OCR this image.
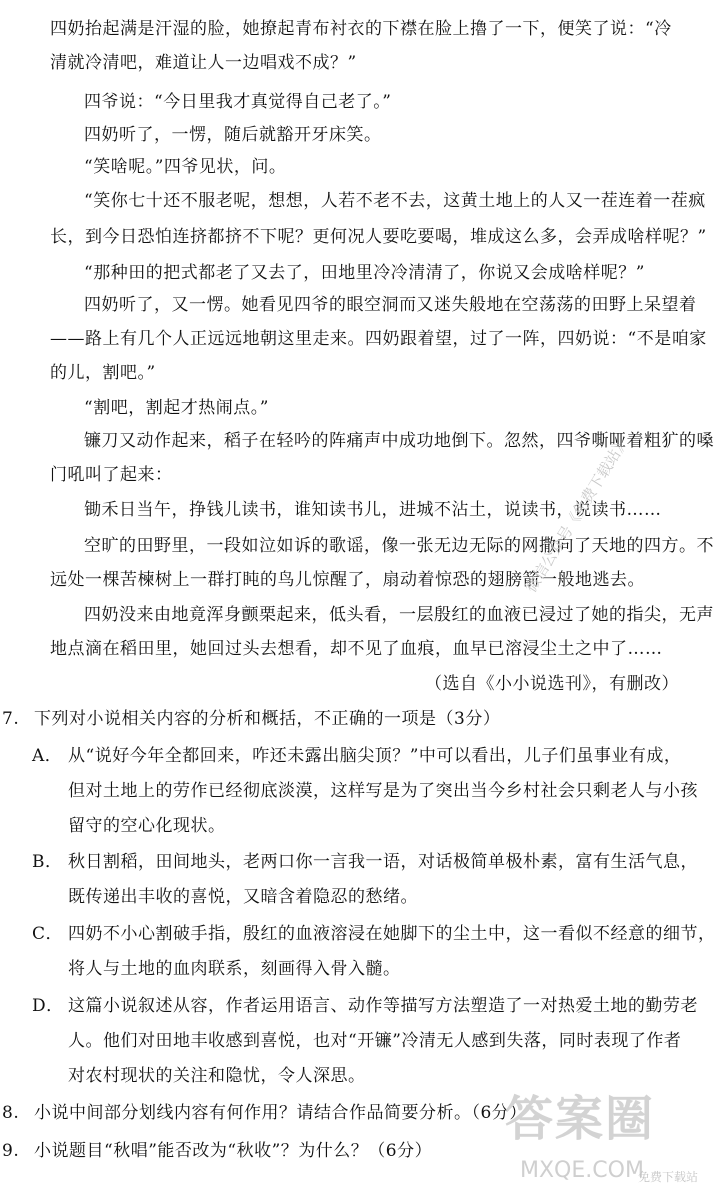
四奶抬起满是汗湿的脸，她撩起青布衬衣的下襟在脸上擼了一下，便笑了说：“冷
清就冷清吧，难道让人一边唱戏不成？”
四爷说：“今日里我才真觉得自己老了。”
四奶听了，一愣，随后就豁开牙床笑。
“笑啥呢。”四爷见状，问。
“笑你七十还不服老呢，想想，人若不老不去，这黄土地上的人又一茬连着一茬疯
长，到今日恐怕连挤都挤不下呢？更何况人要吃要喝，堆成这么多，会弄成啥样呢？”
“那种田的把式都老了又去了，田地里冷冷清清了，你说又会成啥样呢？”
四奶听了，又一愣。她看见四爷的眼空洞而又迷失般地在空荡荡的田野上呆望着
——路上有几个人正远远地朝这里走来。四奶跟着望，过了一阵，四奶说：“不是咱家
的儿，割吧。”
“割吧，割起才热闹点。”
镰刀又动作起来，稻子在轻吟的阵痛声中成功地倒下。忽然，四爷嘶哑着粗犷的嗓
门吼叫了起来：
锄禾日当午，挣钱儿读书，谁知读书儿，进城不沾土，说读书，说读书……
空旷的田野里，一段如泣如诉的歌谣，像一张无边无际的网撒向了天地的四方。不
远处一棵苦楝树上一群打盹的鸟儿惊醒了，扇动着惊恐的翅膀箭一般地逃去。
四奶没来由地竟浑身颤栗起来，低头看，一层殷红的血液已浸过了她的指尖，无声
地点滴在稻田里，她回过头去想看，却不见了血痕，血早已溶浸尘土之中了……
（选自《小小说选刊》，有删改）
7. 下列对小说相关内容的分析和概括，不正确的一项是（3分）
A． 从“说好今年全都回来，咋还未露出脑尖顶？”中可以看出，儿子们虽事业有成，
但对土地上的劳作已经彻底淡漠，这样写是为了突出当今乡村社会只剩老人与小孩
留守的空心化现状。
B． 秋日割稻，田间地头，老两口你一言我一语，对话极简单极朴素，富有生活气息，
既传递出丰收的喜悦，又暗含着隐忍的愁绪。
C． 四奶不小心割破手指，殷红的血液溶浸在她脚下的尘土中，这一看似不经意的细节，
将人与土地的血肉联系，刻画得入骨入髓。
D． 这篇小说叙述从容，作者运用语言、动作等描写方法塑造了一对热爱土地的勤劳老
人。他们对田地丰收感到喜悦，也对“开镰”冷清无人感到失落，同时表现了作者
对农村现状的关注和隐忧，令人深思。
8. 小说中间部分划线内容有何作用？请结合作品简要分析。（6分）
9. 小说题目“秋唱”能否改为“秋收”？为什么？（6分）
微信公众号《免费下载站》
答案圈
MXQE.COM
免费下载站
